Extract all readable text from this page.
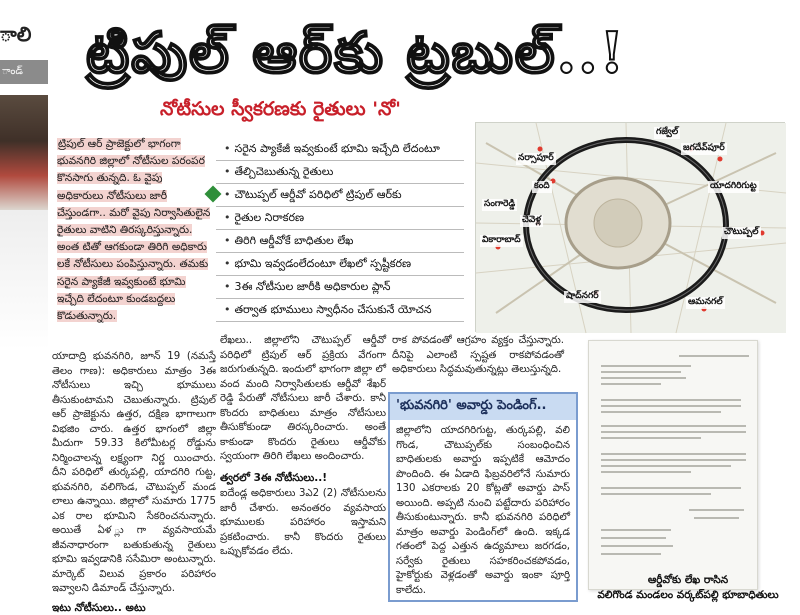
ాలి
ాండ్	ట్రిపుల్ ఆర్‌కు ట్రబుల్..!
నోటీసుల స్వీకరణకు రైతులు 'నో'

ట్రిపుల్ ఆర్ ప్రాజెక్టులో భాగంగా భువనగిరి జిల్లాలో నోటీసుల పరంపర కొనసాగు తున్నది. ఓ వైపు అధికారులు నోటీసులు జారీ చేస్తుండగా.. మరో వైపు నిర్వాసితులైన రైతులు వాటిని తిరస్కరిస్తున్నారు. అంత టితో ఆగకుండా తిరిగి అధికారు లకే నోటీసులు పంపిస్తున్నారు. తమకు సరైన ప్యాకేజీ ఇవ్వకుంటే భూమి ఇచ్చేది లేదంటూ కుండబద్దలు కొడుతున్నారు.

• సరైన ప్యాకేజీ ఇవ్వకుంటే భూమి ఇచ్చేది లేదంటూ
• తేల్చిచెబుతున్న రైతులు
• చౌటుప్పల్ ఆర్డీవో పరిధిలో ట్రిపుల్ ఆర్‌కు
• రైతుల నిరాకరణ
• తిరిగి ఆర్డీవోకే బాధితుల లేఖ
• భూమి ఇవ్వడంలేదంటూ లేఖలో స్పష్టీకరణ
• 3ఈ నోటీసుల జారీకి అధికారుల ప్లాన్
• తర్వాత భూములు స్వాధీనం చేసుకునే యోచన
గజ్వేల్
జగదేవ్‌పూర్
నర్సాపూర్
కంది
చౌటుప్పల్
వికారాబాద్
షాద్‌నగర్
ఆమనగల్
చేవెళ్ల
యాదగిరిగుట్ట
సంగారెడ్డి
యాదాద్రి భువనగిరి, జూన్ 19 (నమస్తే తెలం గాణ): అధికారులు మాత్రం 3ఈ నోటీసులు ఇచ్చి భూములు తీసుకుంటామని చెబుతున్నారు. ట్రిపుల్ ఆర్ ప్రాజెక్టును ఉత్తర, దక్షిణ భాగాలుగా విభజిం చారు. ఉత్తర భాగంలో జిల్లా మీదుగా 59.33 కిలోమీటర్ల రోడ్డును నిర్మించాలన్న లక్ష్యంగా నిర్ణ యించారు. దీని పరిధిలో తుర్కపల్లి, యాదగిరి గుట్ట, భువనగిరి, వలిగొండ, చౌటుప్పల్ మండ లాలు ఉన్నాయి. జిల్లాలో సుమారు 1775 ఎక రాల భూమిని సేకరించనున్నారు. అయితే ఏళ ్లుగా వ్యవసాయమే జీవనాధారంగా బతుకుతున్న రైతులు భూమి ఇవ్వడానికి ససేమిరా అంటున్నారు. మార్కెట్ విలువ ప్రకారం పరిహారం ఇవ్వాలని డిమాండ్ చేస్తున్నారు.
ఇటు నోటీసులు.. అటు
లేఖలు.. జిల్లాలోని చౌటుప్పల్ ఆర్డీవో పరిధిలో ట్రిపుల్ ఆర్ ప్రక్రియ వేగంగా జరుగుతున్నది. ఇందులో భాగంగా జిల్లా లో వంద మంది నిర్వాసితులకు ఆర్డీవో శేఖర్ రెడ్డి పేరుతో నోటీసులు జారీ చేశారు. కానీ కొందరు బాధితులు మాత్రం నోటీసులు తీసుకోకుండా తిరస్కరించారు. అంతే కాకుండా కొందరు రైతులు ఆర్డీవోకు స్వయంగా తిరిగి లేఖలు అందించారు.
త్వరలో 3ఈ నోటీసులు..!
ఐదేండ్ల అధికారులు 3ఎ2 (2) నోటీసులను జారీ చేశారు. అనంతరం వ్యవసాయ భూములకు పరిహారం ఇస్తామని ప్రకటించారు. కానీ కొందరు రైతులు ఒప్పుకోవడం లేదు.
రాక పోవడంతో ఆగ్రహం వ్యక్తం చేస్తున్నారు. దీనిపై ఎలాంటి స్పష్టత రాకపోవడంతో అధికారులు సిద్ధమవుతున్నట్లు తెలుస్తున్నది.
'భువనగిరి' అవార్డు పెండింగ్..
జిల్లాలోని యాదగిరిగుట్ట, తుర్కపల్లి, వలి గొండ, చౌటుప్పల్‌కు సంబంధించిన బాధితులకు అవార్డు ఇప్పటికే ఆమోదం పొందింది. ఈ ఏడాది ఫిబ్రవరిలోనే సుమారు 130 ఎకరాలకు 20 కోట్లతో అవార్డు పాస్ అయింది. అప్పటి నుంచి పట్టేదారు పరిహారం తీసుకుంటున్నారు. కానీ భువనగిరి పరిధిలో మాత్రం అవార్డు పెండింగ్‌లో ఉంది. ఇక్కడ గతంలో పెద్ద ఎత్తున ఉద్యమాలు జరగడం, సర్వేకు రైతులు సహకరించకపోవడం, హైకోర్టుకు వెళ్లడంతో అవార్డు ఇంకా పూర్తి కాలేదు.
ఆర్డీవోకు లేఖ రాసిన
వలిగొండ మండలం వర్కట్‌పల్లి భూబాధితులు
